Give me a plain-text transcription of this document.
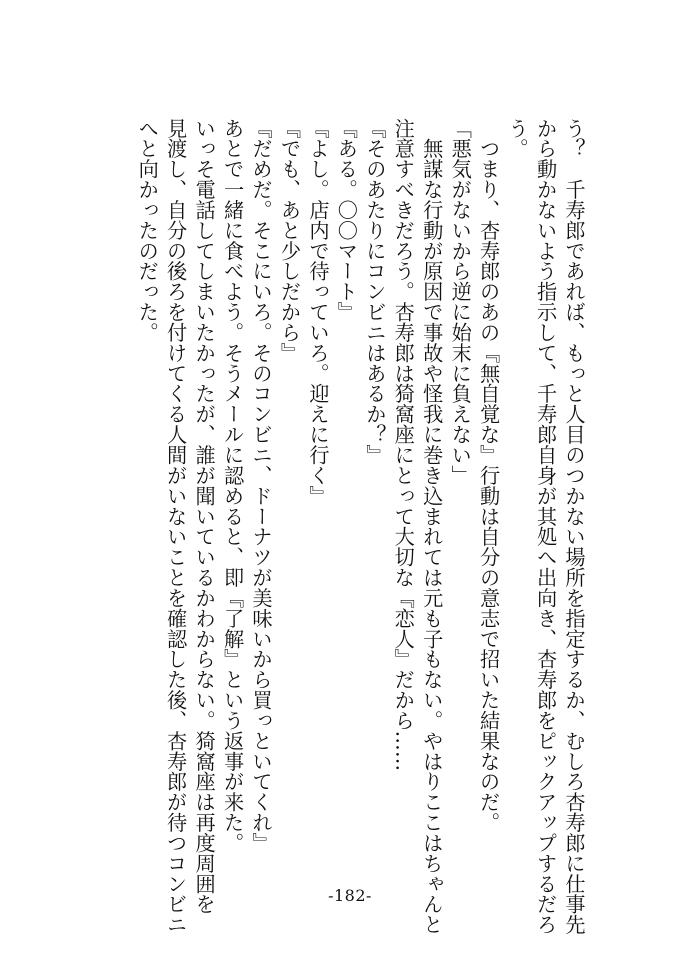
う？　千寿郎であれば、もっと人目のつかない場所を指定するか、むしろ杏寿郎に仕事先
から動かないよう指示して、千寿郎自身が其処へ出向き、杏寿郎をピックアップするだろ
う。
　つまり、杏寿郎のあの『無自覚な』行動は自分の意志で招いた結果なのだ。
「悪気がないから逆に始末に負えない」
　無謀な行動が原因で事故や怪我に巻き込まれては元も子もない。やはりここはちゃんと
注意すべきだろう。杏寿郎は猗窩座にとって大切な『恋人』だから……
『そのあたりにコンビニはあるか？』
『ある。〇〇マート』
『よし。店内で待っていろ。迎えに行く』
『でも、あと少しだから』
『だめだ。そこにいろ。そのコンビニ、ドーナツが美味いから買っといてくれ』
あとで一緒に食べよう。そうメールに認めると、即『了解』という返事が来た。
いっそ電話してしまいたかったが、誰が聞いているかわからない。猗窩座は再度周囲を
見渡し、自分の後ろを付けてくる人間がいないことを確認した後、杏寿郎が待つコンビニ
へと向かったのだった。
-182-
